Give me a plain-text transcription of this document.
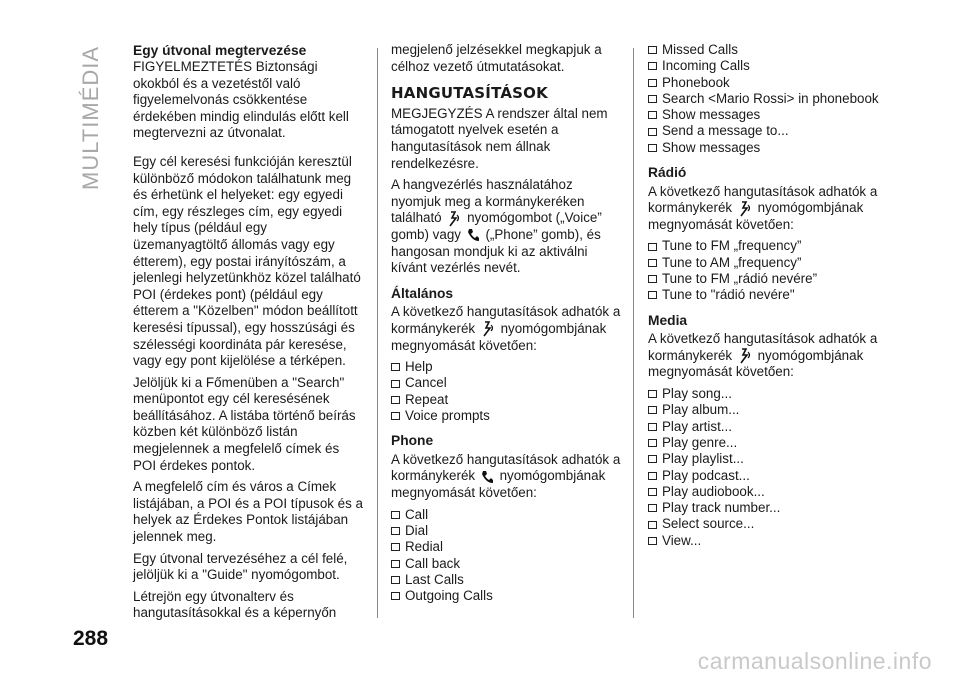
MULTIMÉDIA Egy útvonal megtervezése

FIGYELMEZTETÉS Biztonsági okokból és a vezetéstől való figyelemelvonás csökkentése érdekében mindig elindulás előtt kell megtervezni az útvonalat.

Egy cél keresési funkcióján keresztül különböző módokon találhatunk meg és érhetünk el helyeket: egy egyedi cím, egy részleges cím, egy egyedi hely típus (például egy üzemanyagtöltő állomás vagy egy étterem), egy postai irányítószám, a jelenlegi helyzetünkhöz közel található POI (érdekes pont) (például egy étterem a "Közelben" módon beállított keresési típussal), egy hosszúsági és szélességi koordináta pár keresése, vagy egy pont kijelölése a térképen.

Jelöljük ki a Főmenüben a "Search" menüpontot egy cél keresésének beállításához. A listába történő beírás közben két különböző listán megjelennek a megfelelő címek és POI érdekes pontok.

A megfelelő cím és város a Címek listájában, a POI és a POI típusok és a helyek az Érdekes Pontok listájában jelennek meg.

Egy útvonal tervezéséhez a cél felé, jelöljük ki a "Guide" nyomógombot.

Létrejön egy útvonalterv és hangutasításokkal és a képernyőn

megjelenő jelzésekkel megkapjuk a célhoz vezető útmutatásokat.

HANGUTASÍTÁSOK

MEGJEGYZÉS A rendszer által nem támogatott nyelvek esetén a hangutasítások nem állnak rendelkezésre.

A hangvezérlés használatához nyomjuk meg a kormánykeréken található nyomógombot („Voice” gomb) vagy („Phone” gomb), és hangosan mondjuk ki az aktiválni kívánt vezérlés nevét.

Általános

A következő hangutasítások adhatók a kormánykerék nyomógombjának megnyomását követően:

Help
Cancel
Repeat
Voice prompts
Phone

A következő hangutasítások adhatók a kormánykerék nyomógombjának megnyomását követően:

Call
Dial
Redial
Call back
Last Calls
Outgoing Calls
Missed Calls
Incoming Calls
Phonebook
Search <Mario Rossi> in phonebook
Show messages
Send a message to...
Show messages
Rádió

A következő hangutasítások adhatók a kormánykerék nyomógombjának megnyomását követően:

Tune to FM „frequency”
Tune to AM „frequency”
Tune to FM „rádió nevére”
Tune to "rádió nevére"
Media

A következő hangutasítások adhatók a kormánykerék nyomógombjának megnyomását követően:

Play song...
Play album...
Play artist...
Play genre...
Play playlist...
Play podcast...
Play audiobook...
Play track number...
Select source...
View...
288
carmanualsonline.info
